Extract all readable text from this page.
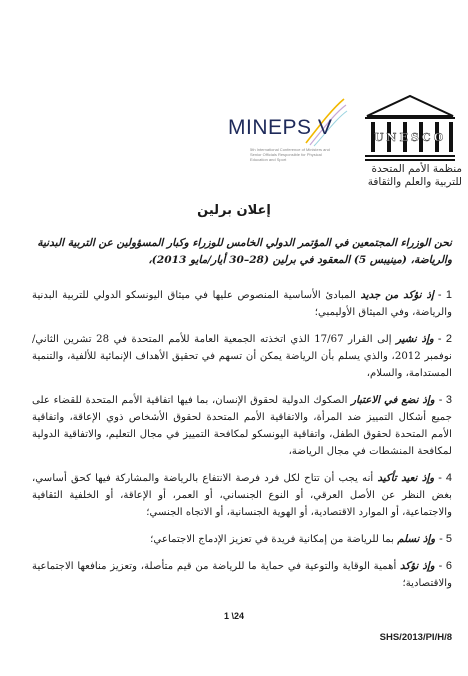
UNESCO
منظمة الأمم المتحدة
للتربية والعلم والثقافة
MINEPS V
5th International Conference of Ministers and Senior Officials Responsible for Physical Education and Sport
إعلان برلين
نحن الوزراء المجتمعين في المؤتمر الدولي الخامس للوزراء وكبار المسؤولين عن التربية البدنية والرياضة، (مينيبس 5) المعقود في برلين (28–30 أيار/مايو 2013)،

1 -إذ نؤكد من جديد المبادئ الأساسية المنصوص عليها في ميثاق اليونسكو الدولي للتربية البدنية والرياضة، وفي الميثاق الأوليمبي؛

2 -وإذ نشير إلى القرار 17/67 الذي اتخذته الجمعية العامة للأمم المتحدة في 28 تشرين الثاني/نوفمبر 2012، والذي يسلم بأن الرياضة يمكن أن تسهم في تحقيق الأهداف الإنمائية للألفية، والتنمية المستدامة، والسلام،

3 -وإذ نضع في الاعتبار الصكوك الدولية لحقوق الإنسان، بما فيها اتفاقية الأمم المتحدة للقضاء على جميع أشكال التمييز ضد المرأة، والاتفاقية الأمم المتحدة لحقوق الأشخاص ذوي الإعاقة، واتفاقية الأمم المتحدة لحقوق الطفل، واتفاقية اليونسكو لمكافحة التمييز في مجال التعليم، والاتفاقية الدولية لمكافحة المنشطات في مجال الرياضة،

4 -وإذ نعيد تأكيد أنه يجب أن تتاح لكل فرد فرصة الانتفاع بالرياضة والمشاركة فيها كحق أساسي، بغض النظر عن الأصل العرقي، أو النوع الجنساني، أو العمر، أو الإعاقة، أو الخلفية الثقافية والاجتماعية، أو الموارد الاقتصادية، أو الهوية الجنسانية، أو الاتجاه الجنسي؛

5 -وإذ نسلم بما للرياضة من إمكانية فريدة في تعزيز الإدماج الاجتماعي؛

6 -وإذ نؤكد أهمية الوقاية والتوعية في حماية ما للرياضة من قيم متأصلة، وتعزيز منافعها الاجتماعية والاقتصادية؛

1 \24
SHS/2013/PI/H/8
